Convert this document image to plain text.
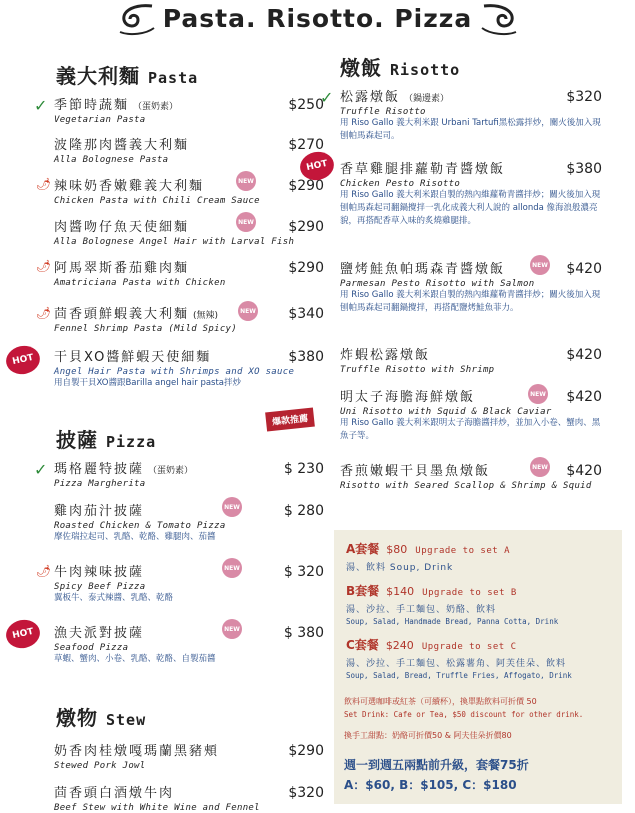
Pasta. Risotto. Pizza
義大利麵 Pasta
✓ 季節時蔬麵 （蛋奶素）	$250
Vegetarian Pasta
波隆那肉醬義大利麵	$270
Alla Bolognese Pasta
🌶 辣味奶香嫩雞義大利麵	$290
Chicken Pasta with Chili Cream Sauce
NEW
肉醬吻仔魚天使細麵	$290
Alla Bolognese Angel Hair with Larval Fish
NEW
🌶 阿馬翠斯番茄雞肉麵	$290
Amatriciana Pasta with Chicken
🌶 茴香頭鮮蝦義大利麵 (無辣)	$340
Fennel Shrimp Pasta (Mild Spicy)
NEW
HOT	干貝XO醬鮮蝦天使細麵	$380
Angel Hair Pasta with Shrimps and XO sauce
用自製干貝XO醬跟Barilla angel hair pasta拌炒
披薩 Pizza
爆款推薦
✓ 瑪格麗特披薩 （蛋奶素）	$ 230
Pizza Margherita
雞肉茄汁披薩	$ 280
Roasted Chicken & Tomato Pizza
摩佐瑞拉起司、乳酪、乾酪、雞腿肉、茄醬
NEW
🌶 牛肉辣味披薩	$ 320
Spicy Beef Pizza
翼板牛、泰式辣醬、乳酪、乾酪
NEW
HOT	漁夫派對披薩	$ 380
Seafood Pizza
草蝦、蟹肉、小卷、乳酪、乾酪、自製茄醬
NEW
燉物 Stew
奶香肉桂燉嘎瑪蘭黑豬頰	$290
Stewed Pork Jowl
茴香頭白酒燉牛肉	$320
Beef Stew with White Wine and Fennel
燉飯 Risotto
✓ 松露燉飯 （鍋邊素）	$320
Truffle Risotto
用 Riso Gallo 義大利米跟 Urbani Tartufi黑松露拌炒，關火後加入現刨帕馬森起司。
HOT 香草雞腿排蘿勒青醬燉飯	$380
Chicken Pesto Risotto
用 Riso Gallo 義大利米跟自製的熱內維蘿勒青醬拌炒；關火後加入現刨帕馬森起司翻鍋攪拌一乳化成義大利人說的 allonda 像海浪般濃亮貌，再搭配香草入味的炙燒雞腿排。
鹽烤鮭魚帕瑪森青醬燉飯	$420
Parmesan Pesto Risotto with Salmon
用 Riso Gallo 義大利米跟自製的熱內維蘿勒青醬拌炒；關火後加入現刨帕馬森起司翻鍋攪拌，再搭配鹽烤鮭魚菲力。
NEW
炸蝦松露燉飯	$420
Truffle Risotto with Shrimp
明太子海膽海鮮燉飯	$420
Uni Risotto with Squid & Black Caviar
用 Riso Gallo 義大利米跟明太子海膽醬拌炒，並加入小卷、蟹肉、黑魚子等。
NEW
香煎嫩蝦干貝墨魚燉飯	$420
Risotto with Seared Scallop & Shrimp & Squid
NEW
A套餐 $80 Upgrade to set A
湯、飲料 Soup, Drink
B套餐 $140 Upgrade to set B
湯、沙拉、手工麵包、奶酪、飲料
Soup, Salad, Handmade Bread, Panna Cotta, Drink
C套餐 $240 Upgrade to set C
湯、沙拉、手工麵包、松露薯角、阿芙佳朵、飲料
Soup, Salad, Bread, Truffle Fries, Affogato, Drink
飲料可選咖啡或紅茶（可續杯），換單點飲料可折價 50
Set Drink: Cafe or Tea, $50 discount for other drink.
換手工甜點：奶酪可折價50 & 阿夫佳朵折價80
週一到週五兩點前升級，套餐75折
A：$60, B：$105, C：$180
